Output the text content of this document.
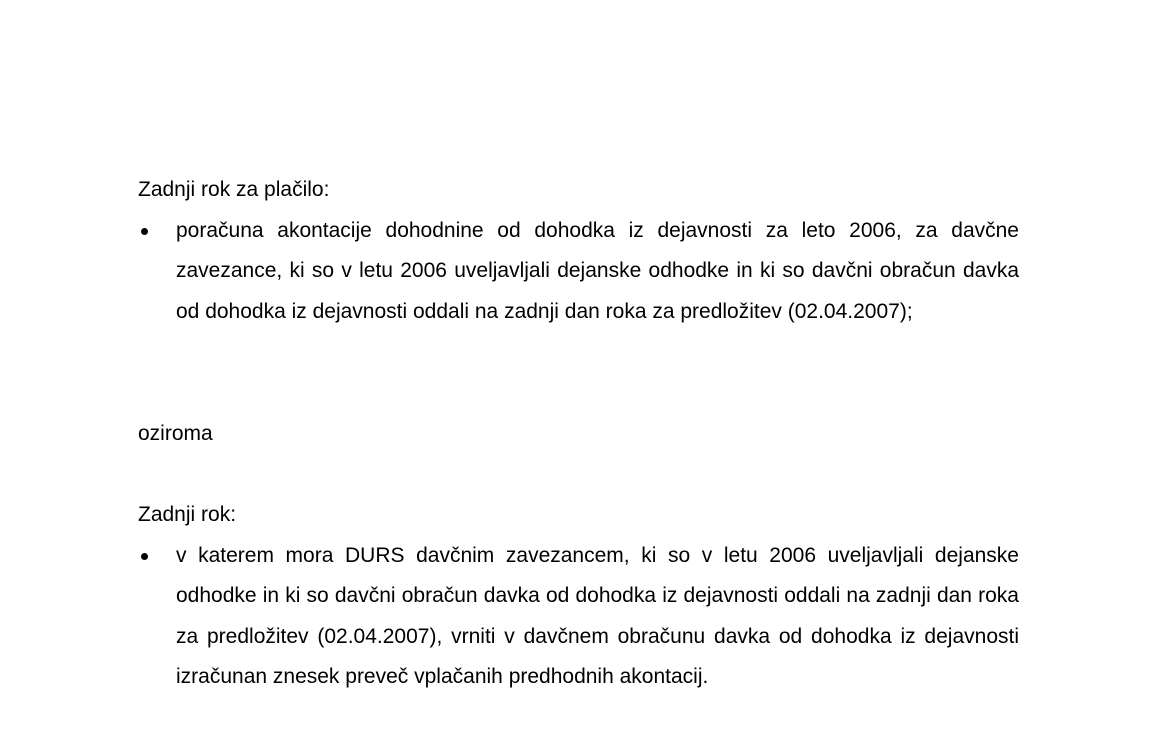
Zadnji rok za plačilo:

poračuna akontacije dohodnine od dohodka iz dejavnosti za leto 2006, za davčne zavezance, ki so v letu 2006 uveljavljali dejanske odhodke in ki so davčni obračun davka od dohodka iz dejavnosti oddali na zadnji dan roka za predložitev (02.04.2007);

oziroma

Zadnji rok:

v katerem mora DURS davčnim zavezancem, ki so v letu 2006 uveljavljali dejanske odhodke in ki so davčni obračun davka od dohodka iz dejavnosti oddali na zadnji dan roka za predložitev (02.04.2007), vrniti v davčnem obračunu davka od dohodka iz dejavnosti izračunan znesek preveč vplačanih predhodnih akontacij.
